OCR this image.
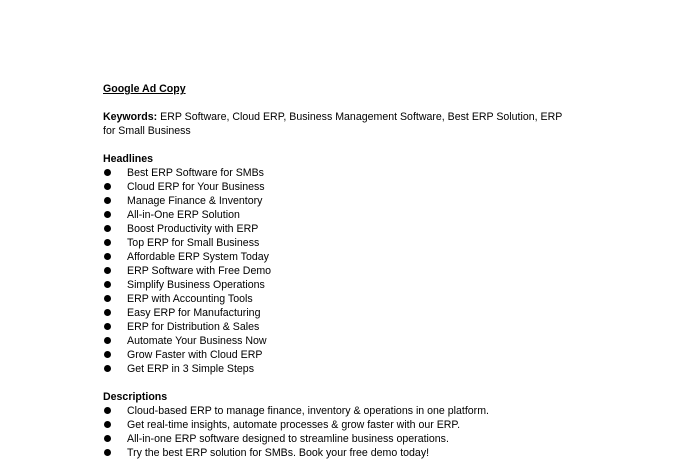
Google Ad Copy
Keywords: ERP Software, Cloud ERP, Business Management Software, Best ERP Solution, ERP for Small Business
Headlines
Best ERP Software for SMBs
Cloud ERP for Your Business
Manage Finance & Inventory
All-in-One ERP Solution
Boost Productivity with ERP
Top ERP for Small Business
Affordable ERP System Today
ERP Software with Free Demo
Simplify Business Operations
ERP with Accounting Tools
Easy ERP for Manufacturing
ERP for Distribution & Sales
Automate Your Business Now
Grow Faster with Cloud ERP
Get ERP in 3 Simple Steps
Descriptions
Cloud-based ERP to manage finance, inventory & operations in one platform.
Get real-time insights, automate processes & grow faster with our ERP.
All-in-one ERP software designed to streamline business operations.
Try the best ERP solution for SMBs. Book your free demo today!
